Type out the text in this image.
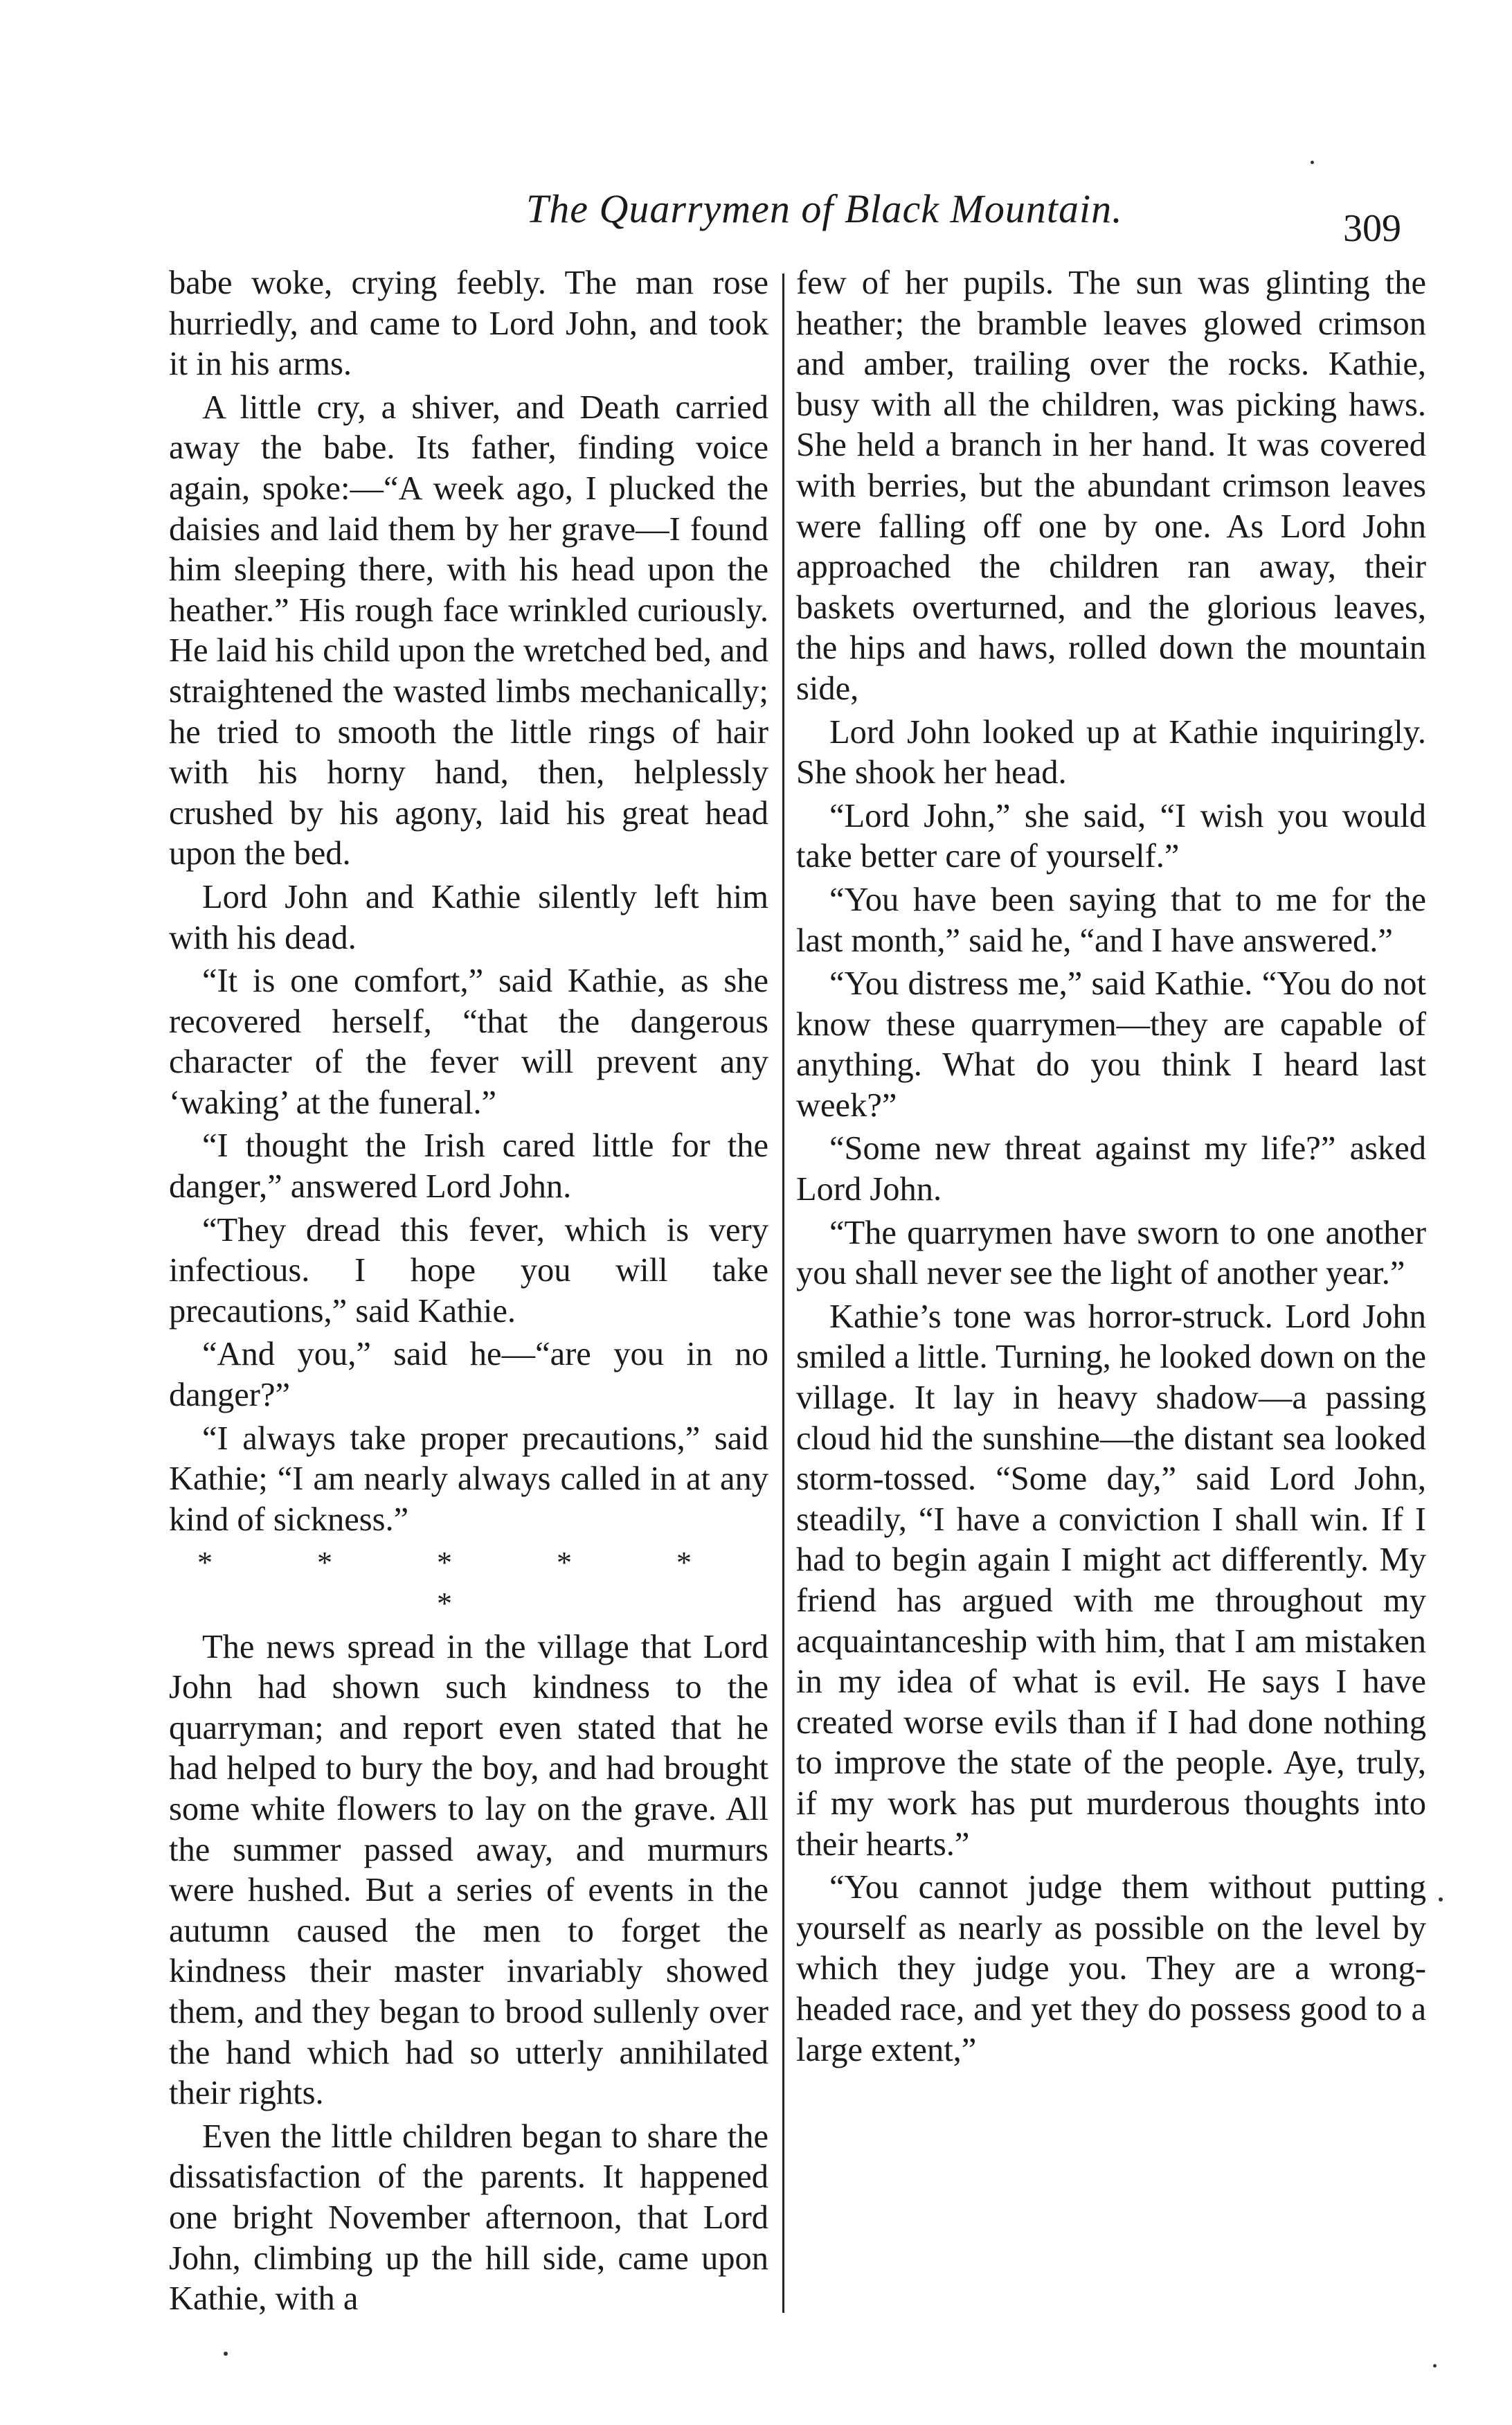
The Quarrymen of Black Mountain.	309

babe woke, crying feebly. The man rose hurriedly, and came to Lord John, and took it in his arms.

A little cry, a shiver, and Death carried away the babe. Its father, finding voice again, spoke:—“A week ago, I plucked the daisies and laid them by her grave—I found him sleeping there, with his head upon the heather.” His rough face wrinkled curiously. He laid his child upon the wretched bed, and straightened the wasted limbs mechanically; he tried to smooth the little rings of hair with his horny hand, then, helplessly crushed by his agony, laid his great head upon the bed.

Lord John and Kathie silently left him with his dead.

“It is one comfort,” said Kathie, as she recovered herself, “that the dangerous character of the fever will prevent any ‘waking’ at the funeral.”

“I thought the Irish cared little for the danger,” answered Lord John.

“They dread this fever, which is very infectious. I hope you will take precautions,” said Kathie.

“And you,” said he—“are you in no danger?”

“I always take proper precautions,” said Kathie; “I am nearly always called in at any kind of sickness.”

* * * * * *

The news spread in the village that Lord John had shown such kindness to the quarryman; and report even stated that he had helped to bury the boy, and had brought some white flowers to lay on the grave. All the summer passed away, and murmurs were hushed. But a series of events in the autumn caused the men to forget the kindness their master invariably showed them, and they began to brood sullenly over the hand which had so utterly annihilated their rights.

Even the little children began to share the dissatisfaction of the parents. It happened one bright November afternoon, that Lord John, climbing up the hill side, came upon Kathie, with a

few of her pupils. The sun was glinting the heather; the bramble leaves glowed crimson and amber, trailing over the rocks. Kathie, busy with all the children, was picking haws. She held a branch in her hand. It was covered with berries, but the abundant crimson leaves were falling off one by one. As Lord John approached the children ran away, their baskets overturned, and the glorious leaves, the hips and haws, rolled down the mountain side,

Lord John looked up at Kathie inquiringly. She shook her head.

“Lord John,” she said, “I wish you would take better care of yourself.”

“You have been saying that to me for the last month,” said he, “and I have answered.”

“You distress me,” said Kathie. “You do not know these quarrymen—they are capable of anything. What do you think I heard last week?”

“Some new threat against my life?” asked Lord John.

“The quarrymen have sworn to one another you shall never see the light of another year.”

Kathie’s tone was horror-struck. Lord John smiled a little. Turning, he looked down on the village. It lay in heavy shadow—a passing cloud hid the sunshine—the distant sea looked storm-tossed. “Some day,” said Lord John, steadily, “I have a conviction I shall win. If I had to begin again I might act differently. My friend has argued with me throughout my acquaintanceship with him, that I am mistaken in my idea of what is evil. He says I have created worse evils than if I had done nothing to improve the state of the people. Aye, truly, if my work has put murderous thoughts into their hearts.”

“You cannot judge them without putting yourself as nearly as possible on the level by which they judge you. They are a wrong-headed race, and yet they do possess good to a large extent,”
